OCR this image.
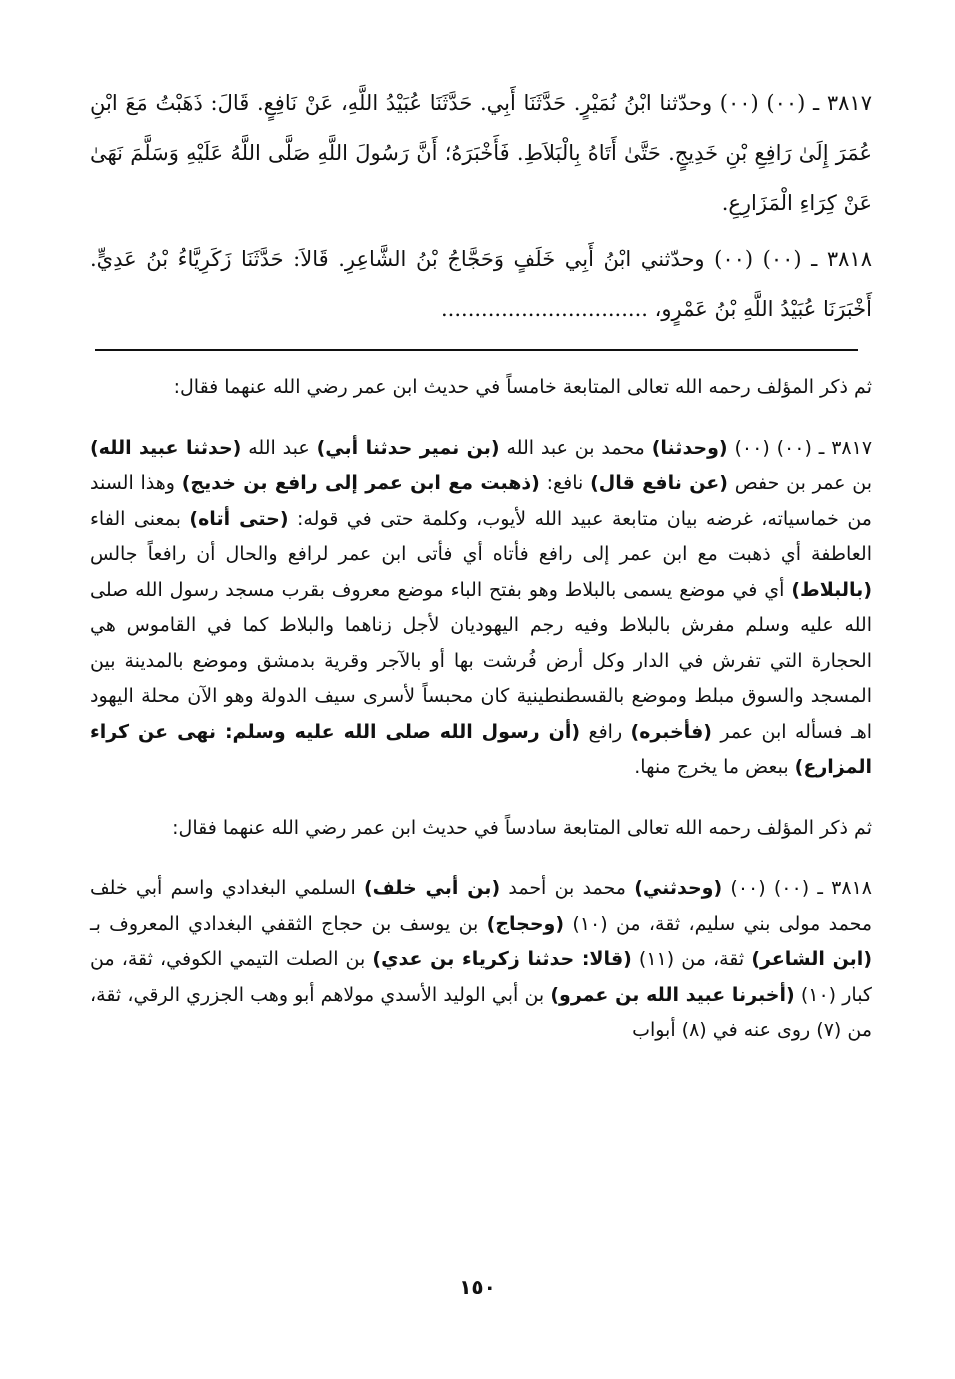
٣٨١٧ ـ (٠٠) (٠٠) وحدّثنا ابْنُ نُمَيْرٍ. حَدَّثَنَا أَبِي. حَدَّثَنَا عُبَيْدُ اللَّهِ، عَنْ نَافِعٍ. قَالَ: ذَهَبْتُ مَعَ ابْنِ عُمَرَ إِلَىٰ رَافِعِ بْنِ خَدِيجٍ. حَتَّىٰ أَتَاهُ بِالْبَلاَطِ. فَأَخْبَرَهُ؛ أَنَّ رَسُولَ اللَّهِ صَلَّى اللَّهُ عَلَيْهِ وَسَلَّمَ نَهَىٰ عَنْ كِرَاءِ الْمَزَارِعِ.

٣٨١٨ ـ (٠٠) (٠٠) وحدّثني ابْنُ أَبِي خَلَفٍ وَحَجَّاجُ بْنُ الشَّاعِرِ. قَالاَ: حَدَّثَنَا زَكَرِيَّاءُ بْنُ عَدِيٍّ. أَخْبَرَنَا عُبَيْدُ اللَّهِ بْنُ عَمْرٍو، ...............................

ثم ذكر المؤلف رحمه الله تعالى المتابعة خامساً في حديث ابن عمر رضي الله عنهما فقال:

٣٨١٧ ـ (٠٠) (٠٠) (وحدثنا) محمد بن عبد الله (بن نمير حدثنا أبي) عبد الله (حدثنا عبيد الله) بن عمر بن حفص (عن نافع قال) نافع: (ذهبت مع ابن عمر إلى رافع بن خديج) وهذا السند من خماسياته، غرضه بيان متابعة عبيد الله لأيوب، وكلمة حتى في قوله: (حتى أتاه) بمعنى الفاء العاطفة أي ذهبت مع ابن عمر إلى رافع فأتاه أي فأتى ابن عمر لرافع والحال أن رافعاً جالس (بالبلاط) أي في موضع يسمى بالبلاط وهو بفتح الباء موضع معروف بقرب مسجد رسول الله صلى الله عليه وسلم مفرش بالبلاط وفيه رجم اليهوديان لأجل زناهما والبلاط كما في القاموس هي الحجارة التي تفرش في الدار وكل أرض فُرشت بها أو بالآجر وقرية بدمشق وموضع بالمدينة بين المسجد والسوق مبلط وموضع بالقسطنطينية كان محبساً لأسرى سيف الدولة وهو الآن محلة اليهود اهـ فسأله ابن عمر (فأخبره) رافع (أن رسول الله صلى الله عليه وسلم: نهى عن كراء المزارع) ببعض ما يخرج منها.

ثم ذكر المؤلف رحمه الله تعالى المتابعة سادساً في حديث ابن عمر رضي الله عنهما فقال:

٣٨١٨ ـ (٠٠) (٠٠) (وحدثني) محمد بن أحمد (بن أبي خلف) السلمي البغدادي واسم أبي خلف محمد مولى بني سليم، ثقة، من (١٠) (وحجاج) بن يوسف بن حجاج الثقفي البغدادي المعروف بـ (ابن الشاعر) ثقة، من (١١) (قالا: حدثنا زكرياء بن عدي) بن الصلت التيمي الكوفي، ثقة، من كبار (١٠) (أخبرنا عبيد الله بن عمرو) بن أبي الوليد الأسدي مولاهم أبو وهب الجزري الرقي، ثقة، من (٧) روى عنه في (٨) أبواب

١٥٠
